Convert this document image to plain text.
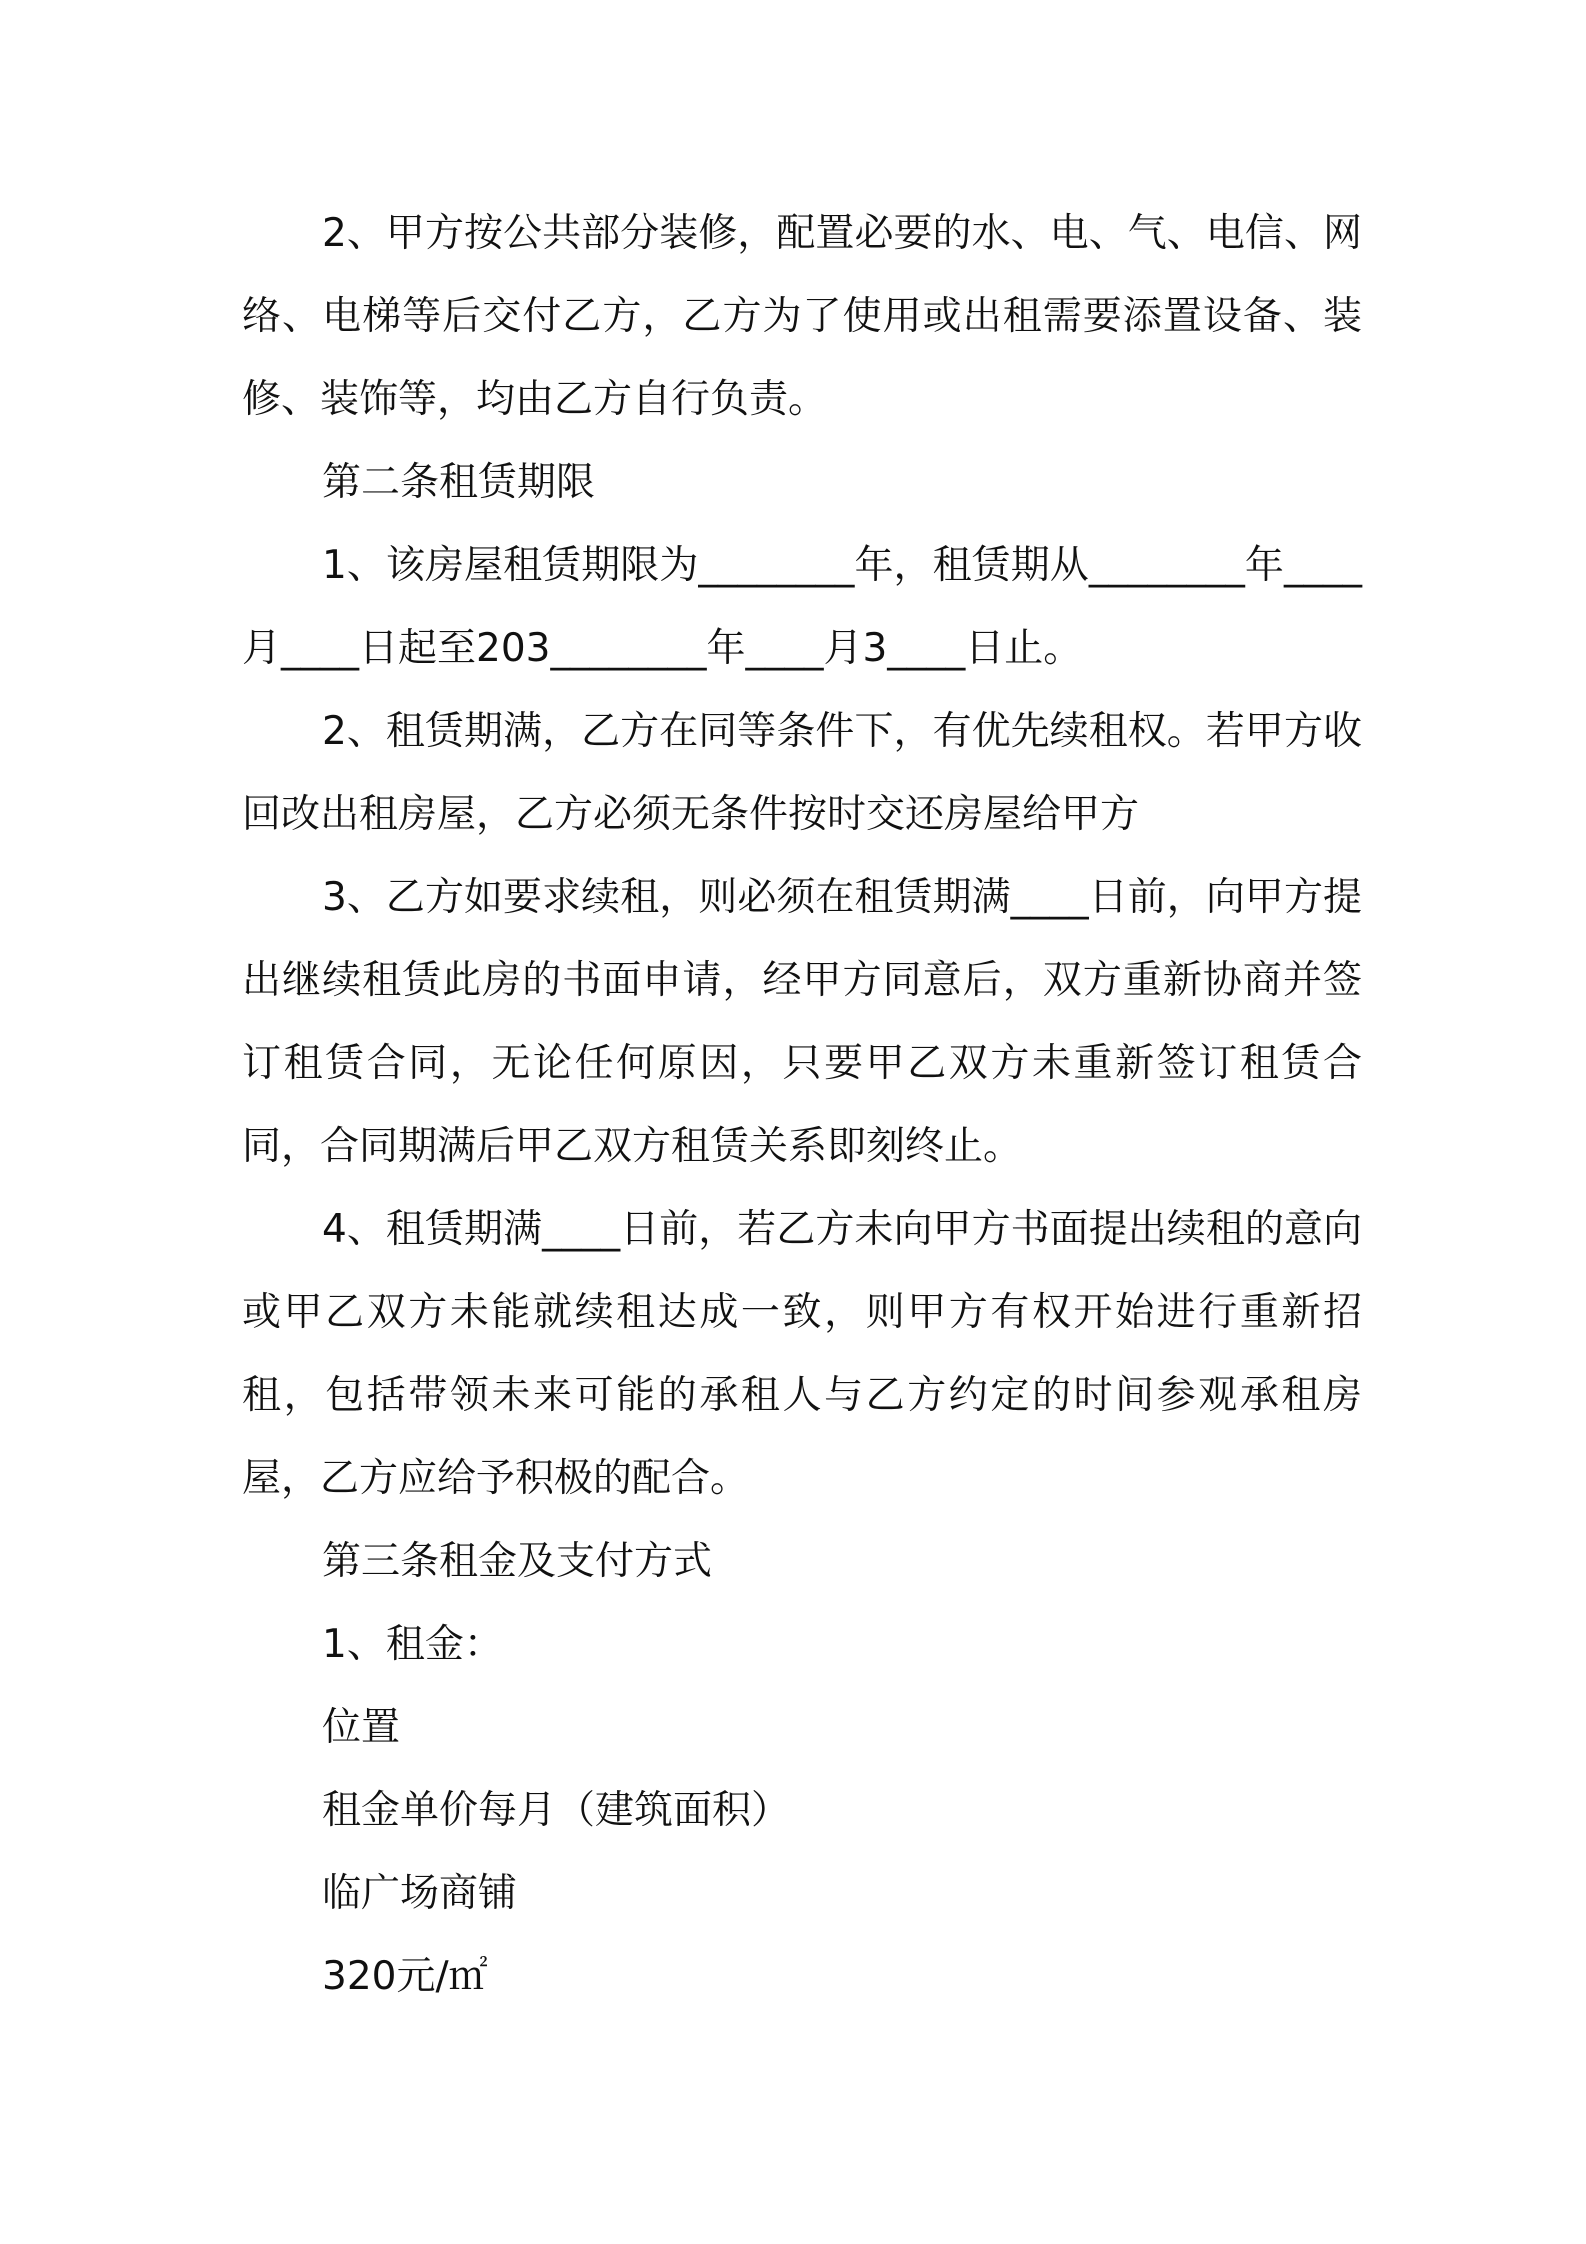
2、甲方按公共部分装修，配置必要的水、电、气、电信、网络、电梯等后交付乙方，乙方为了使用或出租需要添置设备、装修、装饰等，均由乙方自行负责。

第二条租赁期限

1、该房屋租赁期限为________年，租赁期从________年____月____日起至203________年____月3____日止。

2、租赁期满，乙方在同等条件下，有优先续租权。若甲方收回改出租房屋，乙方必须无条件按时交还房屋给甲方

3、乙方如要求续租，则必须在租赁期满____日前，向甲方提出继续租赁此房的书面申请，经甲方同意后，双方重新协商并签订租赁合同，无论任何原因，只要甲乙双方未重新签订租赁合同，合同期满后甲乙双方租赁关系即刻终止。

4、租赁期满____日前，若乙方未向甲方书面提出续租的意向或甲乙双方未能就续租达成一致，则甲方有权开始进行重新招租，包括带领未来可能的承租人与乙方约定的时间参观承租房屋，乙方应给予积极的配合。

第三条租金及支付方式

1、租金：

位置

租金单价每月（建筑面积）

临广场商铺

320元/㎡
